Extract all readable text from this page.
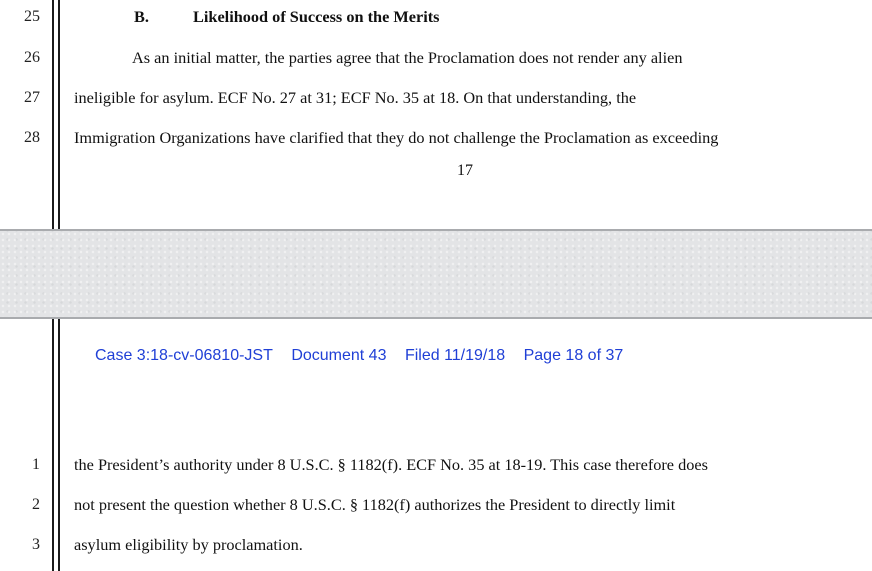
25
26
27
28
B.	Likelihood of Success on the Merits
As an initial matter, the parties agree that the Proclamation does not render any alien
ineligible for asylum. ECF No. 27 at 31; ECF No. 35 at 18. On that understanding, the
Immigration Organizations have clarified that they do not challenge the Proclamation as exceeding
17
Case 3:18-cv-06810-JST Document 43 Filed 11/19/18 Page 18 of 37
1
2
3
the President’s authority under 8 U.S.C. § 1182(f). ECF No. 35 at 18-19. This case therefore does
not present the question whether 8 U.S.C. § 1182(f) authorizes the President to directly limit
asylum eligibility by proclamation.
